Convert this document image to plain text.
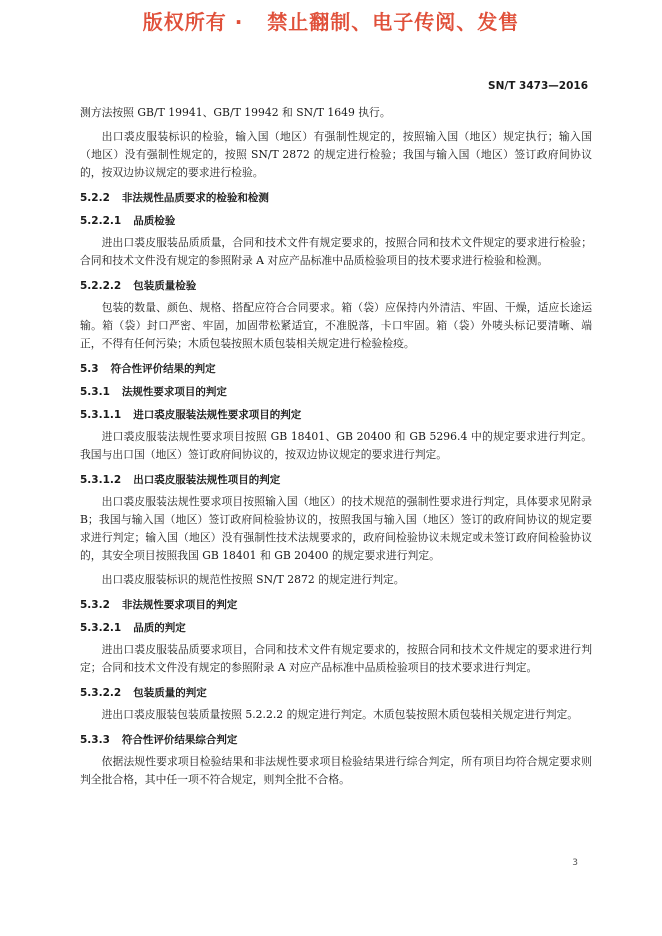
版权所有 ·   禁止翻制、电子传阅、发售
SN/T 3473—2016

测方法按照 GB/T 19941、GB/T 19942 和 SN/T 1649 执行。

出口裘皮服装标识的检验，输入国（地区）有强制性规定的，按照输入国（地区）规定执行；输入国（地区）没有强制性规定的，按照 SN/T 2872 的规定进行检验；我国与输入国（地区）签订政府间协议的，按双边协议规定的要求进行检验。

5.2.2 非法规性品质要求的检验和检测
5.2.2.1 品质检验

进出口裘皮服装品质质量，合同和技术文件有规定要求的，按照合同和技术文件规定的要求进行检验；合同和技术文件没有规定的参照附录 A 对应产品标准中品质检验项目的技术要求进行检验和检测。

5.2.2.2 包装质量检验

包装的数量、颜色、规格、搭配应符合合同要求。箱（袋）应保持内外清洁、牢固、干燥，适应长途运输。箱（袋）封口严密、牢固，加固带松紧适宜，不准脱落，卡口牢固。箱（袋）外唛头标记要清晰、端正，不得有任何污染；木质包装按照木质包装相关规定进行检验检疫。

5.3 符合性评价结果的判定
5.3.1 法规性要求项目的判定
5.3.1.1 进口裘皮服装法规性要求项目的判定

进口裘皮服装法规性要求项目按照 GB 18401、GB 20400 和 GB 5296.4 中的规定要求进行判定。我国与出口国（地区）签订政府间协议的，按双边协议规定的要求进行判定。

5.3.1.2 出口裘皮服装法规性项目的判定

出口裘皮服装法规性要求项目按照输入国（地区）的技术规范的强制性要求进行判定，具体要求见附录 B；我国与输入国（地区）签订政府间检验协议的，按照我国与输入国（地区）签订的政府间协议的规定要求进行判定；输入国（地区）没有强制性技术法规要求的，政府间检验协议未规定或未签订政府间检验协议的，其安全项目按照我国 GB 18401 和 GB 20400 的规定要求进行判定。

出口裘皮服装标识的规范性按照 SN/T 2872 的规定进行判定。

5.3.2 非法规性要求项目的判定
5.3.2.1 品质的判定

进出口裘皮服装品质要求项目，合同和技术文件有规定要求的，按照合同和技术文件规定的要求进行判定；合同和技术文件没有规定的参照附录 A 对应产品标准中品质检验项目的技术要求进行判定。

5.3.2.2 包装质量的判定

进出口裘皮服装包装质量按照 5.2.2.2 的规定进行判定。木质包装按照木质包装相关规定进行判定。

5.3.3 符合性评价结果综合判定

依据法规性要求项目检验结果和非法规性要求项目检验结果进行综合判定，所有项目均符合规定要求则判全批合格，其中任一项不符合规定，则判全批不合格。

3
